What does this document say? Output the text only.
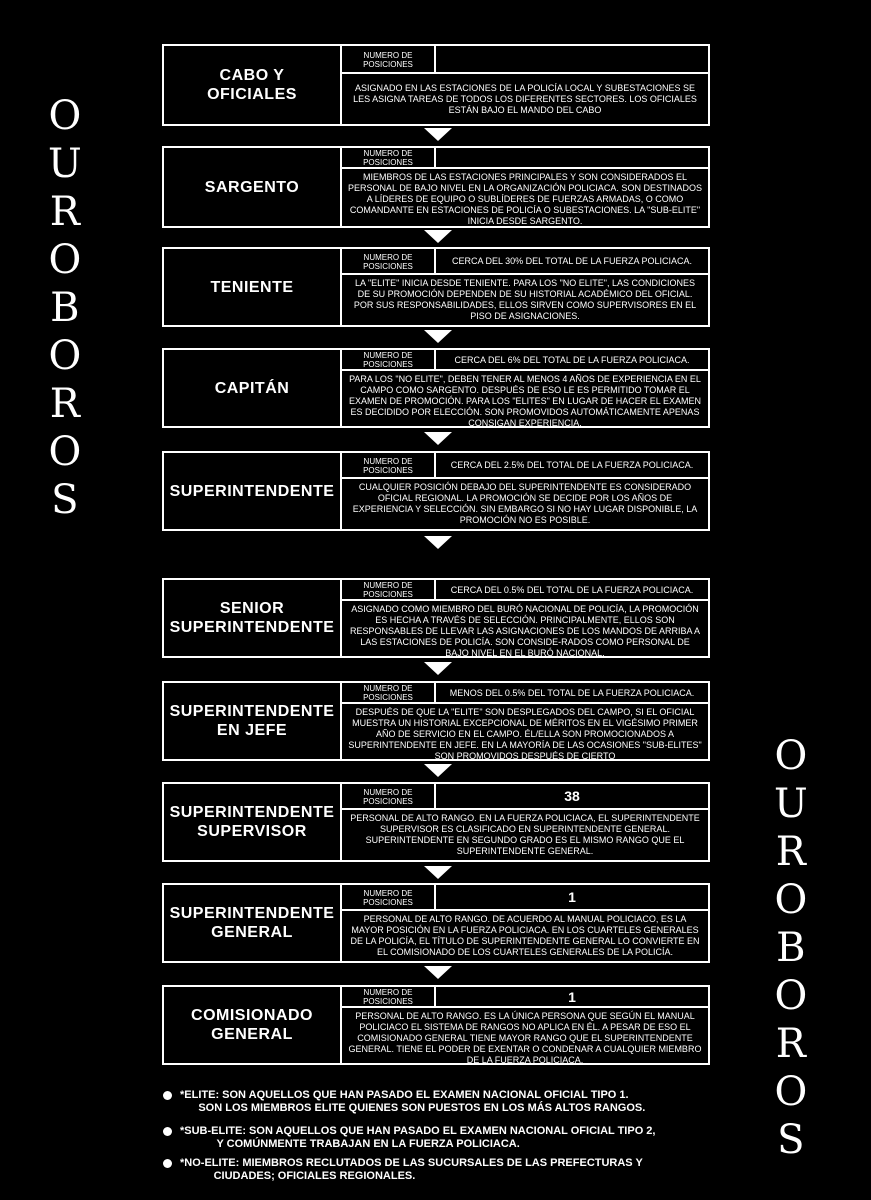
O
U
R
O
B
O
R
O
S
O
U
R
O
B
O
R
O
S
CABO Y
OFICIALES
NUMERO DE POSICIONES
ASIGNADO EN LAS ESTACIONES DE LA POLICÍA LOCAL Y SUBESTACIONES SE LES ASIGNA TAREAS DE TODOS LOS DIFERENTES SECTORES. LOS OFICIALES ESTÁN BAJO EL MANDO DEL CABO
SARGENTO
NUMERO DE POSICIONES
MIEMBROS DE LAS ESTACIONES PRINCIPALES Y SON CONSIDERADOS EL PERSONAL DE BAJO NIVEL EN LA ORGANIZACIÓN POLICIACA. SON DESTINADOS A LÍDERES DE EQUIPO O SUBLÍDERES DE FUERZAS ARMADAS, O COMO COMANDANTE EN ESTACIONES DE POLICÍA O SUBESTACIONES. LA "SUB-ELITE" INICIA DESDE SARGENTO.
TENIENTE
NUMERO DE POSICIONES	CERCA DEL 30% DEL TOTAL DE LA FUERZA POLICIACA.
LA "ELITE" INICIA DESDE TENIENTE. PARA LOS "NO ELITE", LAS CONDICIONES DE SU PROMOCIÓN DEPENDEN DE SU HISTORIAL ACADÉMICO DEL OFICIAL. POR SUS RESPONSABILIDADES, ELLOS SIRVEN COMO SUPERVISORES EN EL PISO DE ASIGNACIONES.
CAPITÁN
NUMERO DE POSICIONES	CERCA DEL 6% DEL TOTAL DE LA FUERZA POLICIACA.
PARA LOS "NO ELITE", DEBEN TENER AL MENOS 4 AÑOS DE EXPERIENCIA EN EL CAMPO COMO SARGENTO. DESPUÉS DE ESO LE ES PERMITIDO TOMAR EL EXAMEN DE PROMOCIÓN. PARA LOS "ELITES" EN LUGAR DE HACER EL EXAMEN ES DECIDIDO POR ELECCIÓN. SON PROMOVIDOS AUTOMÁTICAMENTE APENAS CONSIGAN EXPERIENCIA.
SUPERINTENDENTE
NUMERO DE POSICIONES	CERCA DEL 2.5% DEL TOTAL DE LA FUERZA POLICIACA.
CUALQUIER POSICIÓN DEBAJO DEL SUPERINTENDENTE ES CONSIDERADO OFICIAL REGIONAL. LA PROMOCIÓN SE DECIDE POR LOS AÑOS DE EXPERIENCIA Y SELECCIÓN. SIN EMBARGO SI NO HAY LUGAR DISPONIBLE, LA PROMOCIÓN NO ES POSIBLE.
SENIOR
SUPERINTENDENTE
NUMERO DE POSICIONES	CERCA DEL 0.5% DEL TOTAL DE LA FUERZA POLICIACA.
ASIGNADO COMO MIEMBRO DEL BURÓ NACIONAL DE POLICÍA, LA PROMOCIÓN ES HECHA A TRAVÉS DE SELECCIÓN. PRINCIPALMENTE, ELLOS SON RESPONSABLES DE LLEVAR LAS ASIGNACIONES DE LOS MANDOS DE ARRIBA A LAS ESTACIONES DE POLICÍA. SON CONSIDE-RADOS COMO PERSONAL DE BAJO NIVEL EN EL BURÓ NACIONAL.
SUPERINTENDENTE
EN JEFE
NUMERO DE POSICIONES	MENOS DEL 0.5% DEL TOTAL DE LA FUERZA POLICIACA.
DESPUÉS DE QUE LA "ELITE" SON DESPLEGADOS DEL CAMPO, SI EL OFICIAL MUESTRA UN HISTORIAL EXCEPCIONAL DE MÉRITOS EN EL VIGÉSIMO PRIMER AÑO DE SERVICIO EN EL CAMPO. ÉL/ELLA SON PROMOCIONADOS A SUPERINTENDENTE EN JEFE. EN LA MAYORÍA DE LAS OCASIONES "SUB-ELITES" SON PROMOVIDOS DESPUÉS DE CIERTO
SUPERINTENDENTE
SUPERVISOR
NUMERO DE POSICIONES	38
PERSONAL DE ALTO RANGO. EN LA FUERZA POLICIACA, EL SUPERINTENDENTE SUPERVISOR ES CLASIFICADO EN SUPERINTENDENTE GENERAL. SUPERINTENDENTE EN SEGUNDO GRADO ES EL MISMO RANGO QUE EL SUPERINTENDENTE GENERAL.
SUPERINTENDENTE
GENERAL
NUMERO DE POSICIONES	1
PERSONAL DE ALTO RANGO. DE ACUERDO AL MANUAL POLICIACO, ES LA MAYOR POSICIÓN EN LA FUERZA POLICIACA. EN LOS CUARTELES GENERALES DE LA POLICÍA, EL TÍTULO DE SUPERINTENDENTE GENERAL LO CONVIERTE EN EL COMISIONADO DE LOS CUARTELES GENERALES DE LA POLICÍA.
COMISIONADO
GENERAL
NUMERO DE POSICIONES	1
PERSONAL DE ALTO RANGO. ES LA ÚNICA PERSONA QUE SEGÚN EL MANUAL POLICIACO EL SISTEMA DE RANGOS NO APLICA EN ÉL. A PESAR DE ESO EL COMISIONADO GENERAL TIENE MAYOR RANGO QUE EL SUPERINTENDENTE GENERAL. TIENE EL PODER DE EXENTAR O CONDENAR A CUALQUIER MIEMBRO DE LA FUERZA POLICIACA.
*ELITE: SON AQUELLOS QUE HAN PASADO EL EXAMEN NACIONAL OFICIAL TIPO 1.
SON LOS MIEMBROS ELITE QUIENES SON PUESTOS EN LOS MÁS ALTOS RANGOS.
*SUB-ELITE: SON AQUELLOS QUE HAN PASADO EL EXAMEN NACIONAL OFICIAL TIPO 2,
Y COMÚNMENTE TRABAJAN EN LA FUERZA POLICIACA.
*NO-ELITE: MIEMBROS RECLUTADOS DE LAS SUCURSALES DE LAS PREFECTURAS Y
CIUDADES; OFICIALES REGIONALES.
